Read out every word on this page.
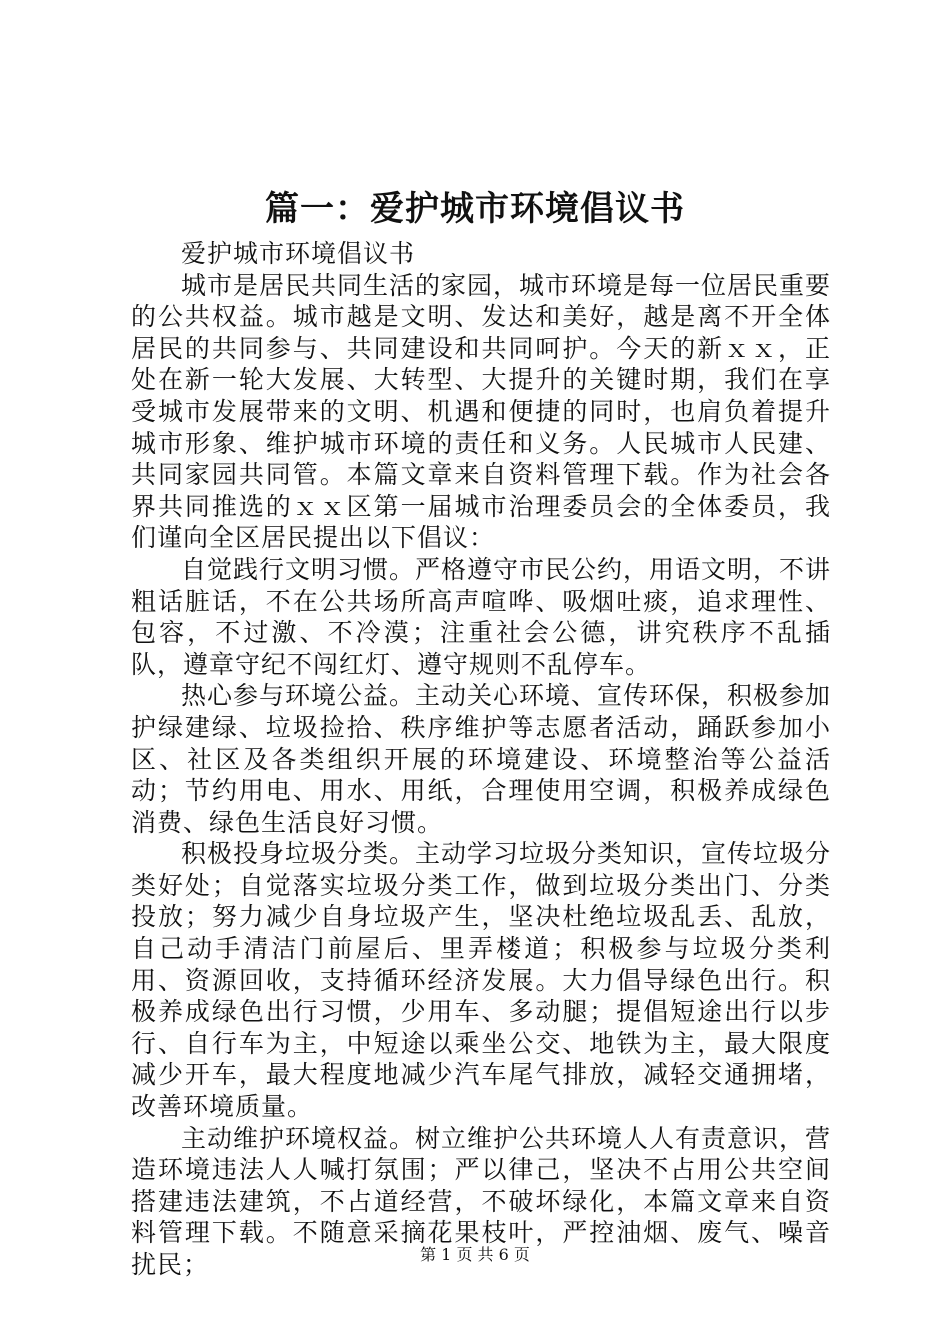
篇一：爱护城市环境倡议书

爱护城市环境倡议书

城市是居民共同生活的家园，城市环境是每一位居民重要的公共权益。城市越是文明、发达和美好，越是离不开全体居民的共同参与、共同建设和共同呵护。今天的新ｘｘ，正处在新一轮大发展、大转型、大提升的关键时期，我们在享受城市发展带来的文明、机遇和便捷的同时，也肩负着提升城市形象、维护城市环境的责任和义务。人民城市人民建、共同家园共同管。本篇文章来自资料管理下载。作为社会各界共同推选的ｘｘ区第一届城市治理委员会的全体委员，我们谨向全区居民提出以下倡议：

自觉践行文明习惯。严格遵守市民公约，用语文明，不讲粗话脏话，不在公共场所高声喧哗、吸烟吐痰，追求理性、包容，不过激、不冷漠；注重社会公德，讲究秩序不乱插队，遵章守纪不闯红灯、遵守规则不乱停车。

热心参与环境公益。主动关心环境、宣传环保，积极参加护绿建绿、垃圾捡拾、秩序维护等志愿者活动，踊跃参加小区、社区及各类组织开展的环境建设、环境整治等公益活动；节约用电、用水、用纸，合理使用空调，积极养成绿色消费、绿色生活良好习惯。

积极投身垃圾分类。主动学习垃圾分类知识，宣传垃圾分类好处；自觉落实垃圾分类工作，做到垃圾分类出门、分类投放；努力减少自身垃圾产生，坚决杜绝垃圾乱丢、乱放，自己动手清洁门前屋后、里弄楼道；积极参与垃圾分类利用、资源回收，支持循环经济发展。大力倡导绿色出行。积极养成绿色出行习惯，少用车、多动腿；提倡短途出行以步行、自行车为主，中短途以乘坐公交、地铁为主，最大限度减少开车，最大程度地减少汽车尾气排放，减轻交通拥堵，改善环境质量。

主动维护环境权益。树立维护公共环境人人有责意识，营造环境违法人人喊打氛围；严以律己，坚决不占用公共空间搭建违法建筑，不占道经营，不破坏绿化，本篇文章来自资料管理下载。不随意采摘花果枝叶，严控油烟、废气、噪音扰民；	第 1 页 共 6 页
